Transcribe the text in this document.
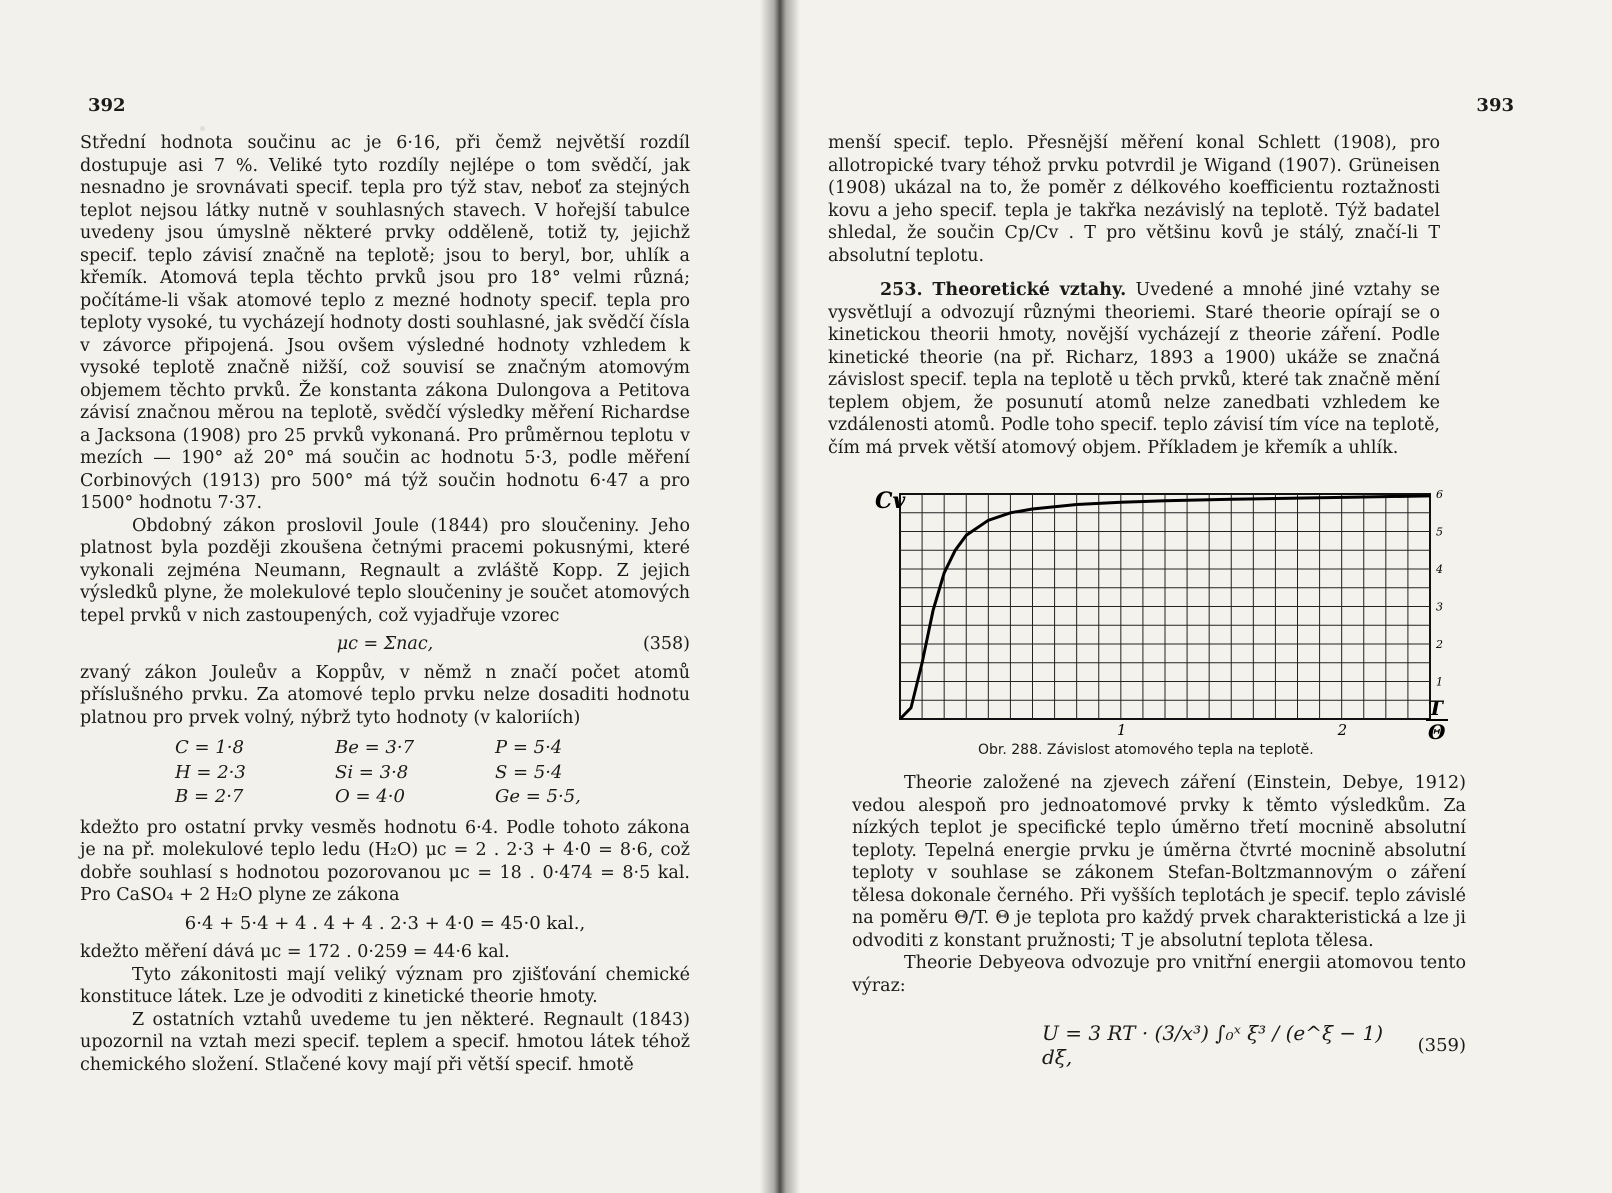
392

Střední hodnota součinu ac je 6·16, při čemž největší rozdíl dostupuje asi 7 %. Veliké tyto rozdíly nejlépe o tom svědčí, jak nesnadno je srovnávati specif. tepla pro týž stav, neboť za stejných teplot nejsou látky nutně v souhlasných stavech. V hořejší tabulce uvedeny jsou úmyslně některé prvky odděleně, totiž ty, jejichž specif. teplo závisí značně na teplotě; jsou to beryl, bor, uhlík a křemík. Atomová tepla těchto prvků jsou pro 18° velmi různá; počítáme-li však atomové teplo z mezné hodnoty specif. tepla pro teploty vysoké, tu vycházejí hodnoty dosti souhlasné, jak svědčí čísla v závorce připojená. Jsou ovšem výsledné hodnoty vzhledem k vysoké teplotě značně nižší, což souvisí se značným atomovým objemem těchto prvků. Že konstanta zákona Dulongova a Petitova závisí značnou měrou na teplotě, svědčí výsledky měření Richardse a Jacksona (1908) pro 25 prvků vykonaná. Pro průměrnou teplotu v mezích — 190° až 20° má součin ac hodnotu 5·3, podle měření Corbinových (1913) pro 500° má týž součin hodnotu 6·47 a pro 1500° hodnotu 7·37.

Obdobný zákon proslovil Joule (1844) pro sloučeniny. Jeho platnost byla později zkoušena četnými pracemi pokusnými, které vykonali zejména Neumann, Regnault a zvláště Kopp. Z jejich výsledků plyne, že molekulové teplo sloučeniny je součet atomových tepel prvků v nich zastoupených, což vyjadřuje vzorec

μc = Σnac,	(358)

zvaný zákon Jouleův a Koppův, v němž n značí počet atomů příslušného prvku. Za atomové teplo prvku nelze dosaditi hodnotu platnou pro prvek volný, nýbrž tyto hodnoty (v kaloriích)

C = 1·8	Be = 3·7	P = 5·4
H = 2·3	Si = 3·8	S = 5·4
B = 2·7	O = 4·0	Ge = 5·5,

kdežto pro ostatní prvky vesměs hodnotu 6·4. Podle tohoto zákona je na př. molekulové teplo ledu (H₂O) μc = 2 . 2·3 + 4·0 = 8·6, což dobře souhlasí s hodnotou pozorovanou μc = 18 . 0·474 = 8·5 kal. Pro CaSO₄ + 2 H₂O plyne ze zákona

6·4 + 5·4 + 4 . 4 + 4 . 2·3 + 4·0 = 45·0 kal.,

kdežto měření dává μc = 172 . 0·259 = 44·6 kal.

Tyto zákonitosti mají veliký význam pro zjišťování chemické konstituce látek. Lze je odvoditi z kinetické theorie hmoty.

Z ostatních vztahů uvedeme tu jen některé. Regnault (1843) upozornil na vztah mezi specif. teplem a specif. hmotou látek téhož chemického složení. Stlačené kovy mají při větší specif. hmotě

393

menší specif. teplo. Přesnější měření konal Schlett (1908), pro allotropické tvary téhož prvku potvrdil je Wigand (1907). Grüneisen (1908) ukázal na to, že poměr z délkového koefficientu roztažnosti kovu a jeho specif. tepla je takřka nezávislý na teplotě. Týž badatel shledal, že součin Cp/Cv . T pro většinu kovů je stálý, značí-li T absolutní teplotu.

253. Theoretické vztahy. Uvedené a mnohé jiné vztahy se vysvětlují a odvozují různými theoriemi. Staré theorie opírají se o kinetickou theorii hmoty, novější vycházejí z theorie záření. Podle kinetické theorie (na př. Richarz, 1893 a 1900) ukáže se značná závislost specif. tepla na teplotě u těch prvků, které tak značně mění teplem objem, že posunutí atomů nelze zanedbati vzhledem ke vzdálenosti atomů. Podle toho specif. teplo závisí tím více na teplotě, čím má prvek větší atomový objem. Příkladem je křemík a uhlík.

1
2
3
4
5
6
1	2
Cv
T
Θ
Obr. 288. Závislost atomového tepla na teplotě.

Theorie založené na zjevech záření (Einstein, Debye, 1912) vedou alespoň pro jednoatomové prvky k těmto výsledkům. Za nízkých teplot je specifické teplo úměrno třetí mocnině absolutní teploty. Tepelná energie prvku je úměrna čtvrté mocnině absolutní teploty v souhlase se zákonem Stefan-Boltzmannovým o záření tělesa dokonale černého. Při vyšších teplotách je specif. teplo závislé na poměru Θ/T. Θ je teplota pro každý prvek charakteristická a lze ji odvoditi z konstant pružnosti; T je absolutní teplota tělesa.

Theorie Debyeova odvozuje pro vnitřní energii atomovou tento výraz:

U = 3 RT · (3/x³) ∫₀ˣ ξ³ / (e^ξ − 1) dξ,	(359)
